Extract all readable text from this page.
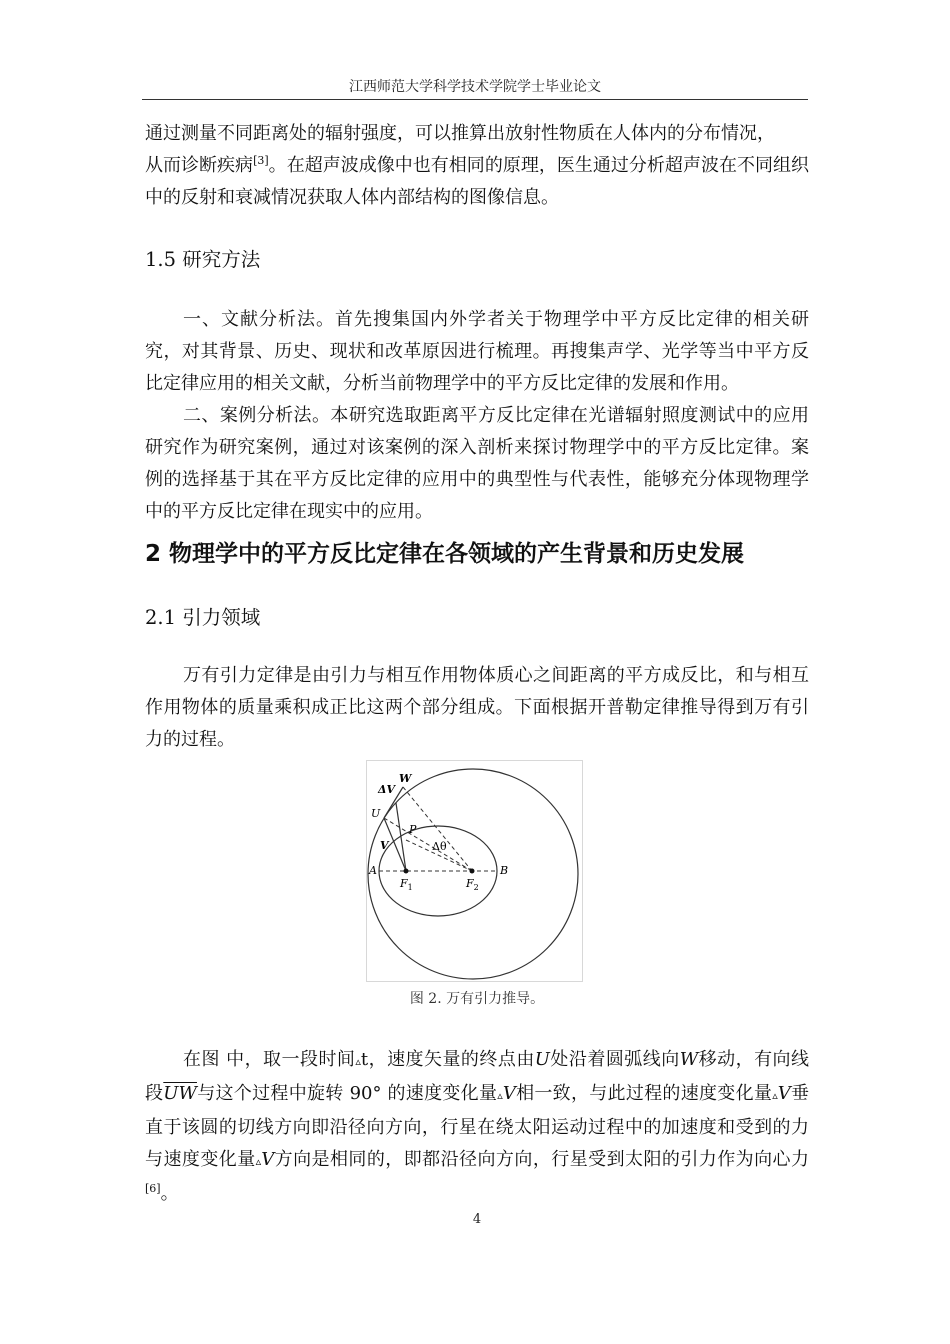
江西师范大学科学技术学院学士毕业论文

通过测量不同距离处的辐射强度，可以推算出放射性物质在人体内的分布情况，
从而诊断疾病[3]。在超声波成像中也有相同的原理，医生通过分析超声波在不同组织中的反射和衰减情况获取人体内部结构的图像信息。

1.5 研究方法

一、文献分析法。首先搜集国内外学者关于物理学中平方反比定律的相关研究，对其背景、历史、现状和改革原因进行梳理。再搜集声学、光学等当中平方反比定律应用的相关文献，分析当前物理学中的平方反比定律的发展和作用。

二、案例分析法。本研究选取距离平方反比定律在光谱辐射照度测试中的应用研究作为研究案例，通过对该案例的深入剖析来探讨物理学中的平方反比定律。案例的选择基于其在平方反比定律的应用中的典型性与代表性，能够充分体现物理学中的平方反比定律在现实中的应用。

2 物理学中的平方反比定律在各领域的产生背景和历史发展
2.1 引力领域

万有引力定律是由引力与相互作用物体质心之间距离的平方成反比，和与相互作用物体的质量乘积成正比这两个部分组成。下面根据开普勒定律推导得到万有引力的过程。

W
ΔV
U
P
Δθ
V
A	B
$F_1$	$F_2$
图 2. 万有引力推导。

在图 中，取一段时间▵t，速度矢量的终点由U处沿着圆弧线向W移动，有向线段$\overline{UW}$与这个过程中旋转 90° 的速度变化量▵V相一致，与此过程的速度变化量▵V垂直于该圆的切线方向即沿径向方向，行星在绕太阳运动过程中的加速度和受到的力与速度变化量▵V方向是相同的，即都沿径向方向，行星受到太阳的引力作为向心力[6]。

4
